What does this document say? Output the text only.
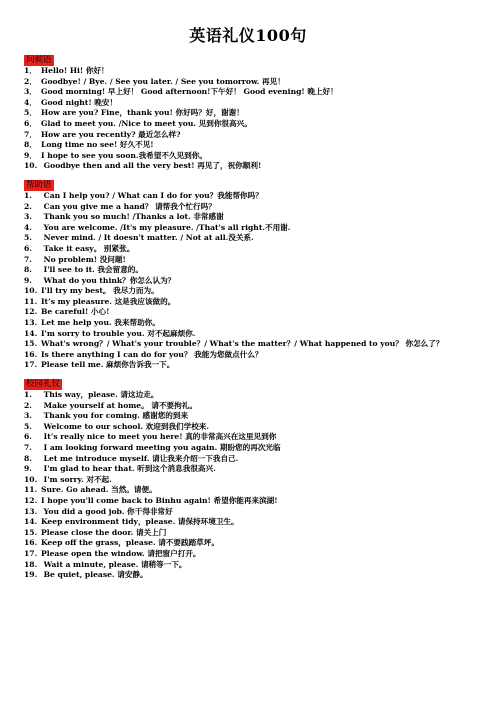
英语礼仪100句
问候语
1． Hello! Hi! 你好！
2． Goodbye! / Bye. / See you later. / See you tomorrow. 再见！
3． Good morning! 早上好！ Good afternoon!下午好！ Good evening! 晚上好！
4． Good night! 晚安！
5． How are you? Fine，thank you! 你好吗？好，谢谢！
6． Glad to meet you. /Nice to meet you. 见到你很高兴。
7． How are you recently? 最近怎么样?
8． Long time no see! 好久不见!
9． I hope to see you soon.我希望不久见到你。
10. Goodbye then and all the very best! 再见了，祝你顺利!
帮助语
1. Can I help you? / What can I do for you？我能帮你吗？
2. Can you give me a hand？ 请帮我个忙行吗？
3. Thank you so much! /Thanks a lot. 非常感谢
4. You are welcome. /It's my pleasure. /That's all right.不用谢.
5. Never mind. / It doesn't matter. / Not at all.没关系.
6. Take it easy。 别紧张。
7. No problem! 没问题!
8. I'll see to it. 我会留意的。
9. What do you think？你怎么认为？
10. I'll try my best。 我尽力而为。
11. It’s my pleasure. 这是我应该做的。
12. Be careful! 小心!
13. Let me help you. 我来帮助你。
14. I'm sorry to trouble you. 对不起麻烦你.
15. What's wrong？/ What's your trouble？/ What's the matter？/ What happened to you？ 你怎么了？
16. Is there anything I can do for you？ 我能为您做点什么？
17. Please tell me. 麻烦你告诉我一下。
校园礼仪
1. This way，please. 请这边走。
2. Make yourself at home。 请不要拘礼。
3. Thank you for coming. 感谢您的到来
5. Welcome to our school. 欢迎到我们学校来.
6. It’s really nice to meet you here! 真的非常高兴在这里见到你
7. I am looking forward meeting you again. 期盼您的再次光临
8. Let me introduce myself. 请让我来介绍一下我自己.
9. I'm glad to hear that. 听到这个消息我很高兴.
10. I'm sorry. 对不起.
11. Sure. Go ahead. 当然。请便。
12. I hope you'll come back to Binhu again! 希望你能再来滨湖!
13. You did a good job. 你干得非常好
14. Keep environment tidy，please. 请保持环境卫生。
15. Please close the door. 请关上门
16. Keep off the grass，please. 请不要践踏草坪。
17. Please open the window. 请把窗户打开。
18. Wait a minute, please. 请稍等一下。
19. Be quiet, please. 请安静。
